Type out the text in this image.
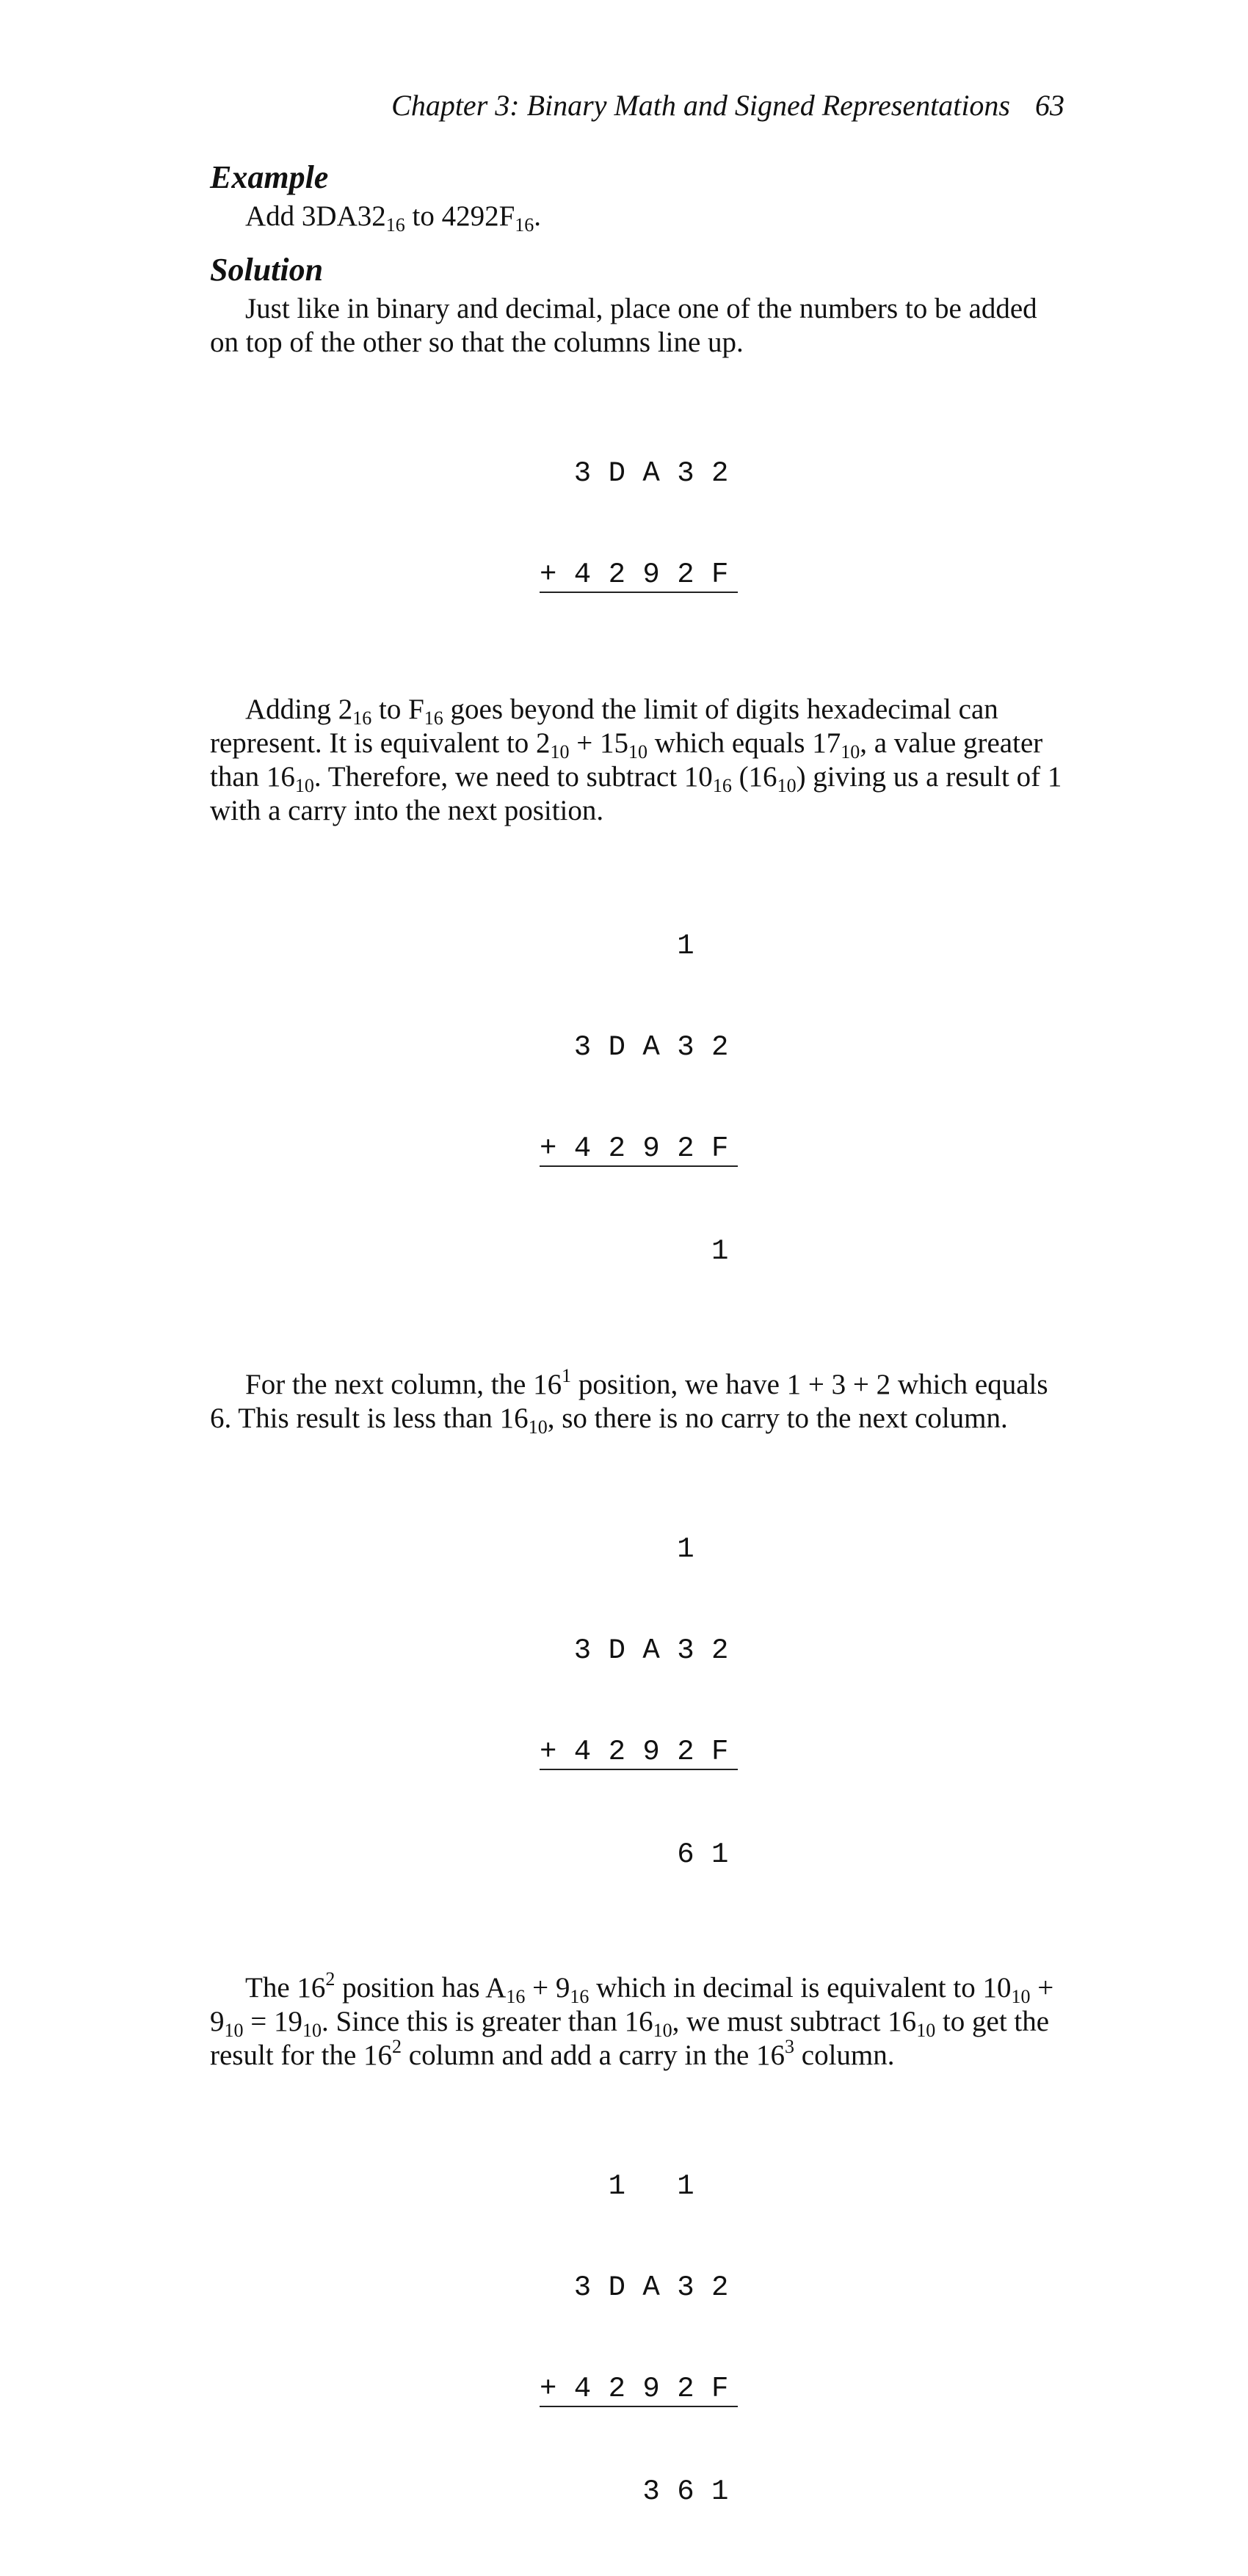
Chapter 3: Binary Math and Signed Representations 63
Example

Add $3DA32_{16}$ to $4292F_{16}$.

Solution

Just like in binary and decimal, place one of the numbers to be added on top of the other so that the columns line up.

3 D A 3 2

+ 4 2 9 2 F

Adding $2_{16}$ to $F_{16}$ goes beyond the limit of digits hexadecimal can represent. It is equivalent to $2_{10} + 15_{10}$ which equals $17_{10}$, a value greater than $16_{10}$. Therefore, we need to subtract $10_{16}$ $(16_{10})$ giving us a result of 1 with a carry into the next position.

1

3 D A 3 2

+ 4 2 9 2 F

1

For the next column, the $16^1$ position, we have 1 + 3 + 2 which equals 6. This result is less than $16_{10}$, so there is no carry to the next column.

1

3 D A 3 2

+ 4 2 9 2 F

6 1

The $16^2$ position has $A_{16} + 9_{16}$ which in decimal is equivalent to $10_{10} + 9_{10} = 19_{10}$. Since this is greater than $16_{10}$, we must subtract $16_{10}$ to get the result for the $16^2$ column and add a carry in the $16^3$ column.

1   1

3 D A 3 2

+ 4 2 9 2 F

3 6 1
